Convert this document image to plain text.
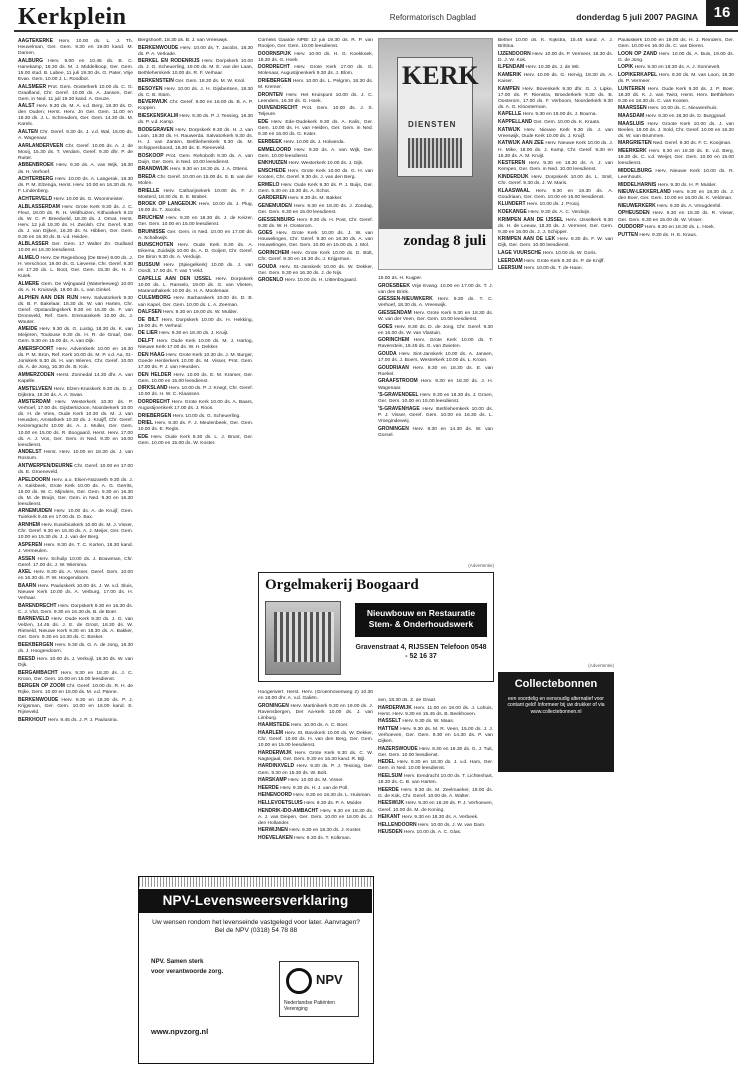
Kerkplein	Reformatorisch Dagblad	donderdag 5 juli 2007 PAGINA	16

AAGTEKERKE Herv. 10.00 ds. L. J. Th. Heuvelman, Ger. Gem. 9.30 en 19.00 kand. M. Damen.

AALBURG Herv. 9.00 en 10.45 ds. B. C. Hanekamp, 18.30 ds. M. J. Middelkoop, Ger. Gem. 15.00 stud. B. Labee, 11 juli 19.30 ds. G. Pater, Vrije Evan. Gem. 10.00 J. L. Roodbol.

AALSMEER Prot. Gem. Oosterkerk 10.00 ds. C. G. Graafland, Chr. Geref. 10.00 ds. A. Jansen, Ger. Gem. in Ned. 11 juli 19.30 kand. A. Geuze.

AALST Herv. 9.30 ds. M. A. v.d. Berg, 18.30 ds. D. den Ouden; Herst. Herv. Jn Ger. Gem. 11.00 en 18.30 ds. J. L. Schreuders, Ger. Gem. 14.30 ds. M. Karels.

AALTEN Chr. Geref. 9.30 ds. J. v.d. Wal, 15.00 ds. A. Wagenaar.

AARLANDERVEEN Chr. Geref. 10.00 ds. A. J. de Mooij, 15.30 ds. T. Verdam, Geref. 9.30 dhr. P. de Ruiter.

ABBENBROEK Herv. 9.30 ds. A. van Wijk, 18.30 ds. H. Verhoef.

ACHTERBERG Herv. 10.00 ds. A. Langerak, 18.30 ds. P. M. Elzenga, Herst. Herv. 10.00 en 16.30 ds. N. F. Lindenberg.

ACHTERVELD Herv. 10.00 ds. G. Woonmeister.

ALBLASSERDAM Herv. Grote Kerk 9.30 ds. J. C. Fleur, 18.00 ds. R. H. Veldhuizen, Kithuiskerk 9.15 ds. W. C. P. Breedveld, 18.30 ds. J. Ornat. Herst. Herv. 12 juli 19.30 ds. H. Zwolsh. Chr. Geref. 9.30 ds. J. van Dijken, 16.30 ds. N. Hibben, Ger. Gem. 9.30 en 16.30 ds. B. v.d. Heiden.

ALBLASSER Ger. Gem. 17 Walter Zn. Oudland 10.00 en 16.30 leesdienst.

ALMELO Herv. De Regenboog (De Bree) 9.00 ds. J. H. Verschoor, 19.00 ds. G. Lieverse, Chr. Geref. 9.30 en 17.30 ds. L. Boot, Ger. Gem. 15.30 ds. H. J. Kuiek.

ALMERE Gem. De Wijngaard (Waterleeweg) 10.00 ds. A. H. Kruiswijk, 19.00 ds. L. van Ginkel.

ALPHEN AAN DEN RIJN Herv. Salvatorkerk 9.30 ds. B. F. Bakelaar, 18.30 ds. W. van Harten, Chr. Geref. Opstandingskerk 9.30 en 16.30 ds. F. van Dronsveld, Ref. Gem. Emmaüskerk 10.00 ds. J. Wouter.

AMEIDE Herv. 9.30 ds. G. Lustig, 18.30 ds. K. van Meijeren, Toulouse 9.30 ds. H. R. de Graaf, Ger. Gem. 9.30 en 15.00 ds. A. van Dijk.

AMERSFOORT Herv. Adventkerk 10.00 en 18.30 ds. P. M. Bron, Ref. Kerk 10.00 ds. M. P. v.d. Aa, St.-Joriskerk 9.30 ds. H. van Wieren, Chr. Geref. 10.00 ds. A. de Jong, 16.30 ds. B. Kok.

AMMERZODEN Herst. Zonnedal 14.30 dhr. A. van Kapelle.

AMSTELVEEN Herv. Elzen-Kruiskerk 9.30 ds. D. J. Dijkstra, 18.30 ds. A. A. Swan.

AMSTERDAM Herv. Westerkerk 10.30 ds. P. Verhoef, 17.00 ds. Gijsbertszoon, Noorderkerk 10.00 ds. H. de Vries, Oude Kerk 10.30 ds. M. J. van Heusden, Amstelkerk 10.30 ds. J. Kruijff, Chr. Geref. Keizersgracht 10.00 ds. A. J. Muller, Ger. Gem. 10.00 en 15.00 ds. R. Boogaard, Herst. Herv. 17.00 ds. A. J. Vos, Ger. Gem. in Ned. 9.30 en 16.00 leesdienst.

ANDELST Herst. Herv. 10.00 en 18.30 ds. J. van Rossum.

ANTWERPEN/DEURNE Chr. Geref. 10.00 en 17.00 ds. E. Groeneveld.

APELDOORN Herv. a.o. Elsen-Nazareth 9.30 ds. J. A. Kalsbeek, Grote Kerk 10.00 ds. A. G. Gerrits, 15.00 ds. W. C. Mijnders, Ger. Gem. 9.30 en 16.30 ds. M. de Bruijn, Ger. Gem. in Ned. 9.30 en 16.30 leesdienst.

ARNEMUIDEN Herv. 10.00 ds. A. de Kruijf, Gem. Tuinkerk 9.45 en 17.00 ds. D. Bax.

ARNHEM Herv. Eusebiuskerk 10.00 ds. M. J. Visser, Chr. Geref. 9.30 en 16.30 ds. A. J. Meijer, Ger. Gem. 10.00 en 15.30 ds. J. J. van der Berg.

ASPEREN Herv. 9.30 ds. T. C. Korten, 18.30 kand. J. Vermeulen.

ASSEN Herv. Schuilp 10.00 ds. J. Bouwman, Chr. Geref. 17.00 ds. J. W. Wiersma.

AXEL Herv. 9.30 ds. A. Visser, Geref. Gem. 10.00 en 16.30 ds. P. W. Hoogendoorn.

BAARN Herv. Pauluskerk 10.00 ds. J. W. v.d. Sluis, Nieuwe Kerk 10.00 ds. A. Verburg, 17.00 ds. H. Verhaar.

BARENDRECHT Herv. Dorpskerk 9.30 en 16.30 ds. C. J. Vlot, Gem. 9.30 en 16.30 ds. B. de Boer.

BARNEVELD Herv. Oude Kerk 9.30 ds. J. G. van Velzen, 14.45 ds. J. E. de Groot, 18.30 ds. W. Rietveld, Nieuwe Kerk 9.30 en 18.30 ds. A. Bakker, Ger. Gem. 9.30 en 14.30 ds. C. Bosker.

BEEKBERGEN Herv. 9.30 ds. G. A. de Jong, 18.30 ds. J. Hoogendoorn.

BEESD Herv. 10.00 ds. J. Verkuijl, 18.30 ds. W. van Dijk.

BERGAMBACHT Herv. 9.30 en 18.30 ds. J. C. Kroon, Ger. Gem. 10.00 en 15.00 leesdienst.

BERGEN OP ZOOM Chr. Geref. 10.00 ds. R. H. de Rijke, Gem. 10.00 en 15.00 ds. M. v.d. Panne.

BERKENWOUDE Herv. 9.30 en 18.30 ds. P. J. Krijgsman, Ger. Gem. 10.00 en 16.00 kand. E. Rijneveld.

BERKHOUT Herv. 9.45 ds. J. P. J. Paulusma.

Bergshoeff, 18.30 ds. B. J. van Vreeswijk.

BERKENWOUDE Herv. 10.00 ds. T. Jacobs, 18.30 ds. P. A. Verkade.

BERKEL EN RODENRIJS Herv. Dorpskerk 10.00 ds. J. G. Scheuerling, 19.00 ds. M. E. van der Laan, Bethlehemkerk 10.00 ds. R. F. Verhaar.

BERKENSTEIN Ger. Gem. 18.30 ds. M. W. Knol.

BESOYEN Herv. 10.00 ds. J. H. Gijsbertsen, 18.30 ds. C. B. Stam.

BEVERWIJK Chr. Geref. 9.00 en 16.00 ds. B. A. P. Koppen.

BIESKENSKALM Herv. 9.30 ds. P. J. Tessing, 18.30 ds. P. v.d. Kamp.

BODEGRAVEN Herv. Dorpskerk 9.30 ds. H. J. van Loon, 18.30 ds. H. Rauwerda, Salvatorkerk 9.30 ds. H. J. van Zanten, Bethlehemkerk 9.30 ds. M. Schippersboord, 18.30 ds. E. Rieneveld.

BOSKOOP Prot. Gem. Rehoboth 9.30 ds. A. van Duijn, Ger. Gem. in Ned. 10.00 leesdienst.

BRANDWIJK Herv. 9.30 en 18.30 ds. J. A. Ottens.

BREDA Chr. Geref. 10.00 en 15.00 ds. S. B. van der Molen.

BRIELLE Herv. Catharijnekerk 10.00 ds. F. J. Mosterd, 18.30 ds. E. E. Braber.

BROEK OP LANGEDIJK Herv. 10.00 ds. J. Plug, 19.00 ds. T. Jacobs.

BRUCHEM Herv. 9.30 en 18.30 ds. J. de Keizer, Ger. Gem. 10.00 en 15.00 leesdienst.

BRUINISSE Ger. Gem. in Ned. 10.00 en 17.00 ds. A. Schalkwijk.

BUNSCHOTEN Herv. Oude Kerk 9.30 ds. A. Eikema, Zuidwijk 10.00 ds. A. D. Goijert, Chr. Geref. De Biron 9.30 ds. A. Verduijn.

BUSSUM Herv. (Spiegelkerk) 10.00 ds. J. van Oordt, 17.00 ds. T. van 't Veld.

CAPELLE AAN DEN IJSSEL Herv. Dorpskerk 10.00 ds. L. Ranselo, 19.00 ds. G. van Vlieten, Maranathakerk 10.00 ds. H. A. Moolenaar.

CULEMBORG Herv. Barbarakerk 10.00 ds. D. B. van Kapel, Ger. Gem. 10.00 ds. L. A. Zeeman.

DALFSEN Herv. 9.30 en 19.00 ds. W. Mulder.

DE BILT Herv. Dorpskerk 10.00 ds. H. Hekking, 19.00 ds. P. Verheul.

DE LIER Herv. 9.30 en 18.30 ds. J. Kruijt.

DELFT Herv. Oude Kerk 10.00 ds. M. J. Hartog, Nieuwe Kerk 17.00 ds. W. H. Dekker.

DEN HAAG Herv. Grote Kerk 10.30 ds. J. M. Burger, Goede Herderkerk 10.00 ds. M. Visser, Prot. Gem. 17.00 ds. P. J. van Heusden.

DEN HELDER Herv. 10.00 ds. E. M. Kramer, Ger. Gem. 10.00 en 15.00 leesdienst.

DIRKSLAND Herv. 10.00 ds. P. J. Knegt, Chr. Geref. 10.00 ds. H. W. C. Klaassen.

DORDRECHT Herv. Grote Kerk 10.00 ds. A. Baars, Augustijnenkerk 17.00 ds. J. Roos.

DRIEBERGEN Herv. 10.00 ds. G. Scheuerling.

DRIEL Herv. 9.30 ds. F. J. Meulenbeek, Ger. Gem. 10.00 ds. E. Regts.

EDE Herv. Oude Kerk 9.30 ds. L. J. Brunt, Ger. Gem. 10.00 en 15.00 ds. W. Koster.

Cornelis Gaarde NPBI 12 juli 19.30 ds. R. P. van Rooijen, Ger. Gem. 10.00 leesdienst.

DOORNSPIJK Herv. 10.00 ds. H. G. Koekkoek, 18.30 ds. G. Hoek.

DORDRECHT Herv. Grote Kerk 17.00 ds. G. Molenaar, Augustijnenkerk 9.30 ds. J. Blom.

DRIEBERGEN Herv. 10.00 ds. L. Pelgrim, 18.30 ds. M. Kremer.

DRONTEN Herv. Het Kruispunt 10.00 ds. J. C. Leenders, 16.30 ds. G. Hoek.

DUIVENDRECHT Prot. Gem. 10.00 ds. J. S. Teljeure.

EDE Herv. Ede-Oudekerk 9.30 ds. A. Kalis, Ger. Gem. 10.00 ds. H. van Helden, Ger. Gem. in Ned. 9.30 en 16.00 ds. G. Kater.

EERBEEK Herv. 10.00 ds. J. Holwerda.

EMMELOORD Herv. 9.30 ds. A. van Wijk, Ger. Gem. 10.00 leesdienst.

ENKHUIZEN Herv. Westerkerk 10.00 ds. J. Dijk.

ENSCHEDE Herv. Grote Kerk 10.00 ds. G. H. van Kooten, Chr. Geref. 9.30 ds. J. van den Berg.

ERMELO Herv. Oude Kerk 9.30 ds. P. J. Buijs, Ger. Gem. 9.30 en 15.30 ds. A. Schot.

GARDEREN Herv. 9.30 ds. M. Bakker.

GENEMUIDEN Herv. 9.30 en 18.30 ds. J. Zondag, Ger. Gem. 9.30 en 15.00 leesdienst.

GIESSENBURG Herv. 9.30 ds. H. Post, Chr. Geref. 9.30 ds. W. H. Oosterom.

GOES Herv. Grote Kerk 10.00 ds. J. W. van Houwelingen, Chr. Geref. 9.30 en 16.30 ds. A. van Houwelingen, Ger. Gem. 10.00 en 15.00 ds. J. Mol.

GORINCHEM Herv. Grote Kerk 10.00 ds. D. Bolt, Chr. Geref. 9.30 en 16.30 ds. J. Krijgsman.

GOUDA Herv. St.-Janskerk 10.00 ds. W. Dekker, Ger. Gem. 9.30 en 16.30 ds. J. de Nijs.

GROENLO Herv. 10.00 ds. H. Uittenbogaard.

KERK
DIENSTEN
zondag 8 juli

15.00 ds. H. Kuijper.

GROESBEEK Vrije Evang. 10.00 en 17.00 ds. T. J. van den Brink.

GIESSEN-NIEUWKERK Herv. 9.30 ds. T. C. Verhoef, 18.30 ds. A. Vreeswijk.

GIESSENDAM Herv. Grote Kerk 9.30 en 18.30 ds. W. van der Veen, Ger. Gem. 10.00 leesdienst.

GOES Herv. 9.30 ds. D. de Jong, Chr. Geref. 9.30 en 16.00 ds. W. van Vlastuin.

GORINCHEM Herv. Grote Kerk 10.00 ds. T. Ravenstein, 18.45 ds. G. van Zwieten.

GOUDA Herv. Sint-Janskerk 10.00 ds. A. Jansen, 17.00 ds. J. Boers, Westerkerk 10.00 ds. L. Kroon.

GOUDRIAAN Herv. 9.30 en 18.30 ds. E. van Roekel.

GRAAFSTROOM Herv. 9.30 en 18.30 ds. J. H. Wagenaar.

'S-GRAVENDEEL Herv. 9.30 en 18.30 ds. J. Groen, Ger. Gem. 10.00 en 15.00 leesdienst.

'S-GRAVENHAGE Herv. Bethlehemkerk 10.00 ds. P. J. Visser, Geref. Gem. 10.00 en 16.30 ds. L. Vroegindeweij.

GRONINGEN Herv. 9.30 en 14.30 ds. W. van Gorsel.

(Advertentie)
Orgelmakerij Boogaard
Nieuwbouw en Restauratie Stem- & Onderhoudswerk
Gravenstraat 4, RIJSSEN Telefoon 0548 - 52 16 37

Hoogerwerf, Herst. Herv. (Groenhovenweg 2) 10.30 en 18.00 dhr. A. v.d. Galiën.

GRONINGEN Herv. Martinikerk 9.30 en 19.00 ds. J. Ravensbergen, Der Aa-kerk 10.00 ds. J. van Limburg.

HAAMSTEDE Herv. 10.00 ds. A. C. Boer.

HAARLEM Herv. St. Bavokerk 10.00 ds. W. Dekker, Chr. Geref. 10.00 ds. H. van den Berg, Ger. Gem. 10.00 en 15.00 leesdienst.

HARDERWIJK Herv. Grote Kerk 9.30 ds. C. W. Nagtegaal, Ger. Gem. 9.30 en 16.30 kand. R. Bijl.

HARDINXVELD Herv. 9.30 ds. P. J. Tessing, Ger. Gem. 9.30 en 15.30 ds. W. Bolt.

HARSKAMP Herv. 10.00 ds. M. Visser.

HEERDE Herv. 9.30 ds. H. J. van de Poll.

HEINENOORD Herv. 9.30 en 18.30 ds. L. Huisman.

HELLEVOETSLUIS Herv. 9.30 ds. P. A. Mulder.

HENDRIK-IDO-AMBACHT Herv. 9.30 en 18.30 ds. A. J. van Diepen, Ger. Gem. 10.00 en 16.00 ds. J. den Hollander.

HERWIJNEN Herv. 9.30 en 18.30 ds. J. Koster.

HOEVELAKEN Herv. 9.30 ds. T. Kolkman.

sen, 18.30 ds. Z. de Graaf.

HARDERWIJK Herv. 11.00 en 19.00 ds. J. Lohuis, Herst. Herv. 9.30 en 15.45 ds. B. Beekhoven.

HASSELT Herv. 9.30 ds. W. Maas.

HATTEM Herv. 9.30 ds. M. R. Veen, 15.00 ds. J. J. Verhoeven, Ger. Gem. 9.30 en 14.30 ds. P. van Dijken.

HAZERSWOUDE Herv. 9.30 en 18.30 ds. G. J. Tuit, Ger. Gem. 10.00 leesdienst.

HEDEL Herv. 9.30 en 18.30 ds. J. v.d. Ham, Ger. Gem. in Ned. 10.00 leesdienst.

HEELSUM Herv. Eendracht 10.00 ds. T. Lichtenhart, 18.30 ds. C. B. van Harten.

HEERDE Herv. 9.30 ds. M. Zeelmaeker, 19.00 ds. G. de Kok, Chr. Geref. 10.00 ds. A. Walter.

HEESWIJK Herv. 9.30 en 18.30 ds. P. J. Verhoeven, Geref. 10.00 ds. M. de Koning.

HEIKANT Herv. 9.30 en 18.30 ds. A. Verbeek.

HELLENDOORN Herv. 10.00 ds. J. W. van Dam.

HEUSDEN Herv. 10.00 ds. A. C. Glas.

Bethel 10.00 ds. K. Kijkstra, 15.45 kand. A. J. Brittina.

IJZENDOORN Herv. 10.00 ds. P. Vermeer, 18.30 ds. D. J. W. Kok.

ILPENDAM Herv. 10.30 ds. J. de Wit.

KAMERIK Herv. 10.00 ds. G. Hervig, 18.30 ds. A. Kaiser.

KAMPEN Herv. Bovenkerk 9.30 dhr. G. J. Lipke, 17.00 ds. P. Rienstra, Broederkerk 9.30 ds. B. Oosterom, 17.00 ds. F. Verboom, Noorderkerk 9.30 ds. A. G. Kloosterman.

KAPELLE Herv. 9.30 en 19.00 ds. J. Bourna.

KAPPELLAND Ger. Gem. 10.00 ds. K. Kraats.

KATWIJK Herv. Nieuwe Kerk 9.30 ds. J. van Vreeswijk, Oude Kerk 10.00 ds. J. Kruijf.

KATWIJK AAN ZEE Herv. Nieuwe Kerk 10.00 ds. J. H. Mike, 18.00 ds. J. Kamp, Chr. Geref. 9.30 en 16.30 ds. A. M. Kruijt.

KESTEREN Herv. 9.30 en 18.30 ds. A. J. van Kempen, Ger. Gem. in Ned. 10.00 leesdienst.

KINDERDIJK Herv. Dorpskerk 10.00 ds. L. Smit, Chr. Geref. 9.30 ds. J. W. Maris.

KLAASWAAL Herv. 9.30 en 18.30 ds. A. Goudriaan, Ger. Gem. 10.00 en 15.00 leesdienst.

KLUNDERT Herv. 10.00 ds. J. Prooij.

KOEKANGE Herv. 9.30 ds. A. C. Verduijn.

KRIMPEN AAN DE IJSSEL Herv. IJsselkerk 9.30 ds. H. de Leeuw, 18.30 ds. J. Vermeer, Ger. Gem. 9.30 en 16.00 ds. J. J. Schipper.

KRIMPEN AAN DE LEK Herv. 9.30 ds. F. W. van Dijk, Ger. Gem. 10.00 leesdienst.

LAGE VUURSCHE Herv. 10.00 ds. W. Goris.

LEERDAM Herv. Grote Kerk 9.30 ds. P. de Knijff.

LEERSUM Herv. 10.00 ds. T. de Haan.

(Advertentie)
Collectebonnen
een voordelig en eenvoudig alternatief voor contant geld! Informeer bij uw drukker of via www.collectebonnen.nl

Pauluskerk 10.00 en 19.00 ds. H. J. Reinders, Ger. Gem. 10.00 en 16.30 ds. C. van Dieren.

LOON OP ZAND Herv. 10.00 ds. A. Buis, 19.00 ds. G. de Jong.

LOPIK Herv. 9.30 en 18.30 ds. A. J. Sonnevelt.

LOPIKERKAPEL Herv. 9.30 ds. M. van Loon, 18.30 ds. P. Vermeer.

LUNTEREN Herv. Oude Kerk 9.30 ds. J. P. Boer, 18.30 ds. K. J. van Twist, Herst. Herv. Bethlehem 9.30 en 18.30 ds. C. van Kooten.

MAARSSEN Herv. 10.00 ds. C. Nieuwenhuis.

MAASDAM Herv. 9.30 en 18.30 ds. D. Burggraaf.

MAASLUIS Herv. Groote Kerk 10.00 ds. J. van Beelen, 19.00 ds. J. Sold, Chr. Geref. 10.00 en 16.30 ds. W. van Brummen.

MARGRIETEN Ned. Geref. 9.30 ds. F. C. Kooijman.

MEERKERK Herv. 9.30 en 18.30 ds. E. v.d. Berg, 18.30 ds. C. v.d. Weijer, Ger. Gem. 10.00 en 15.00 leesdienst.

MIDDELBURG Herv. Nieuwe Kerk 10.00 ds. R. Leenhouts.

MIDDELHARNIS Herv. 9.30 ds. H. P. Mulder.

NIEUW-LEKKERLAND Herv. 9.30 en 18.30 ds. J. den Boer, Ger. Gem. 10.00 en 16.00 ds. K. Veldman.

NIEUWERKERK Herv. 9.30 ds. A. Vreugdenhil.

OPHEUSDEN Herv. 9.30 en 18.30 ds. R. Visser, Ger. Gem. 9.30 en 15.00 ds. W. Visser.

OUDDORP Herv. 9.30 en 18.30 ds. L. Hoek.

PUTTEN Herv. 9.30 ds. H. E. Kraus.

NPV-Levensweersverklaring
Uw wensen rondom het levenseinde vastgelegd voor later. Aanvragen? Bel de NPV (0318) 54 78 88
NPV. Samen sterk
voor verantwoorde zorg.
NPV
Nederlandse Patiënten Vereniging
www.npvzorg.nl
